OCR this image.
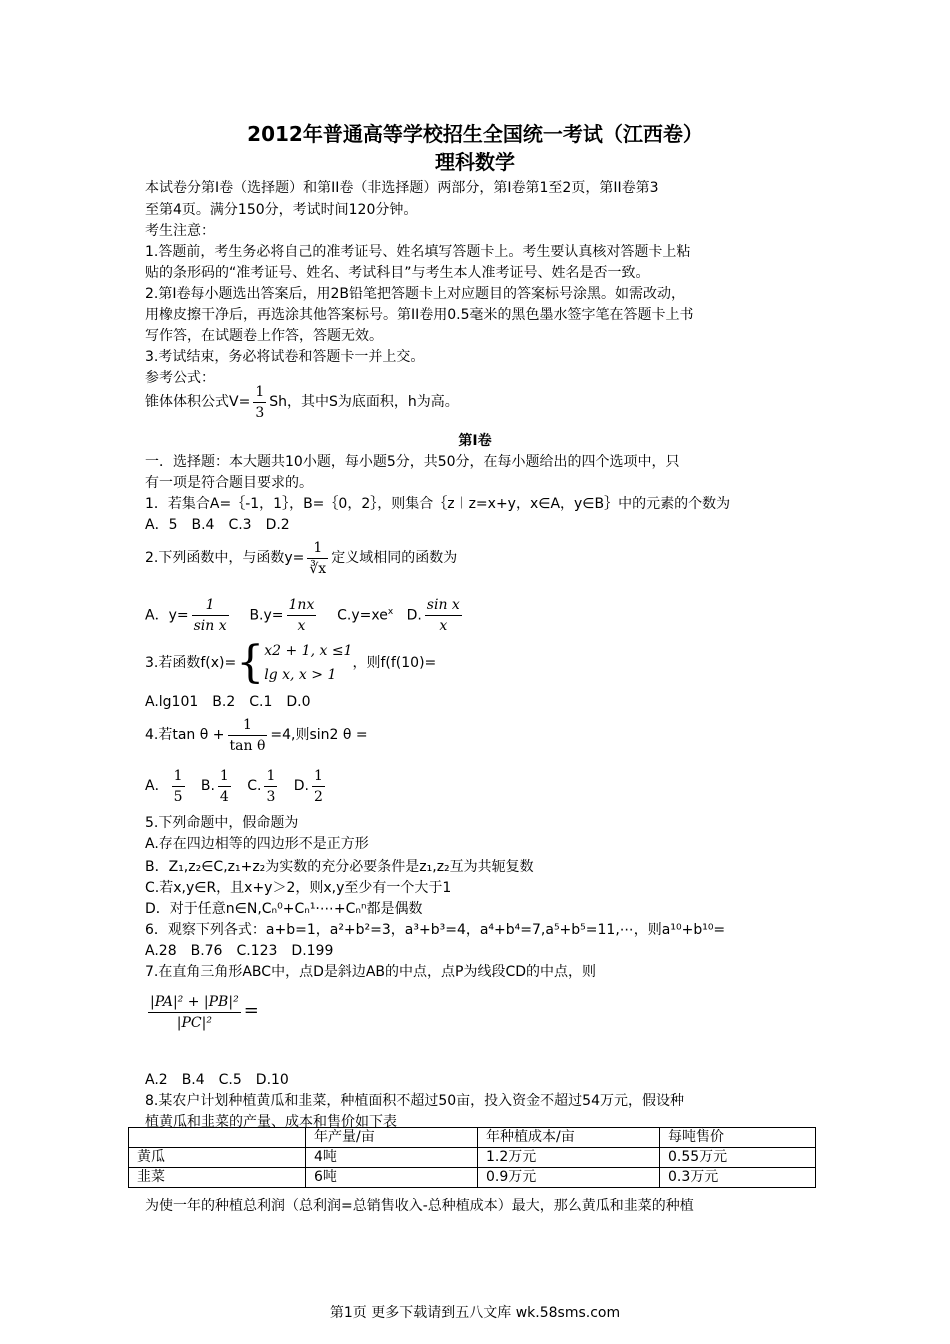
2012年普通高等学校招生全国统一考试（江西卷）
理科数学
本试卷分第I卷（选择题）和第II卷（非选择题）两部分，第I卷第1至2页，第II卷第3
至第4页。满分150分，考试时间120分钟。
考生注意：
1.答题前，考生务必将自己的准考证号、姓名填写答题卡上。考生要认真核对答题卡上粘
贴的条形码的“准考证号、姓名、考试科目”与考生本人准考证号、姓名是否一致。
2.第I卷每小题选出答案后，用2B铅笔把答题卡上对应题目的答案标号涂黑。如需改动，
用橡皮擦干净后，再选涂其他答案标号。第II卷用0.5毫米的黑色墨水签字笔在答题卡上书
写作答，在试题卷上作答，答题无效。
3.考试结束，务必将试卷和答题卡一并上交。
参考公式：
锥体体积公式$V= \frac{1}{3}$ Sh，其中S为底面积，h为高。
第I卷
一．选择题：本大题共10小题，每小题5分，共50分，在每小题给出的四个选项中，只
有一项是符合题目要求的。
1．若集合A=｛-1，1｝，B=｛0，2｝，则集合｛z︱z=x+y，x∈A，y∈B｝中的元素的个数为
A．5　B.4　C.3　D.2
2.下列函数中，与函数$y= \frac{1}{∛x}$ 定义域相同的函数为
A．$y= \frac{1}{\text{sin x}} B.y= \frac{1nx}{x} C.y=xe^x$ D. $\frac{\text{sin x}}{x}$
3.若函数f(x)={ x2 + 1, x ≤1
lg x, x > 1
，则f(f(10)=
A.lg101　B.2　C.1　D.0
4.若$\tan \theta + \frac{1}{\text{tan θ}} =4$,则sin2 θ =
A． $\frac{1}{5} B$. $\frac{1}{4} C$. $\frac{1}{3} D$. $\frac{1}{2}$
5.下列命题中，假命题为
A.存在四边相等的四边形不是正方形
B．Z₁,z₂∈C,z₁+z₂为实数的充分必要条件是z₁,z₂互为共轭复数
C.若x,y∈R，且x+y＞2，则x,y至少有一个大于1
D．对于任意n∈N,Cₙ⁰+Cₙ¹·⋯+Cₙⁿ都是偶数
6．观察下列各式：a+b=1，a²+b²=3，a³+b³=4，a⁴+b⁴=7,a⁵+b⁵=11,⋯，则a¹⁰+b¹⁰=
A.28　B.76　C.123　D.199
7.在直角三角形ABC中，点D是斜边AB的中点，点P为线段CD的中点，则
$\frac{\text{|PA|² + |PB|²}}{\text{|PC|²}}$ =
A.2　B.4　C.5　D.10
8.某农户计划种植黄瓜和韭菜，种植面积不超过50亩，投入资金不超过54万元，假设种
植黄瓜和韭菜的产量、成本和售价如下表
	年产量/亩	年种植成本/亩	每吨售价
黄瓜	4吨	1.2万元	0.55万元
韭菜	6吨	0.9万元	0.3万元
为使一年的种植总利润（总利润=总销售收入-总种植成本）最大，那么黄瓜和韭菜的种植
第1页 更多下载请到五八文库 wk.58sms.com
